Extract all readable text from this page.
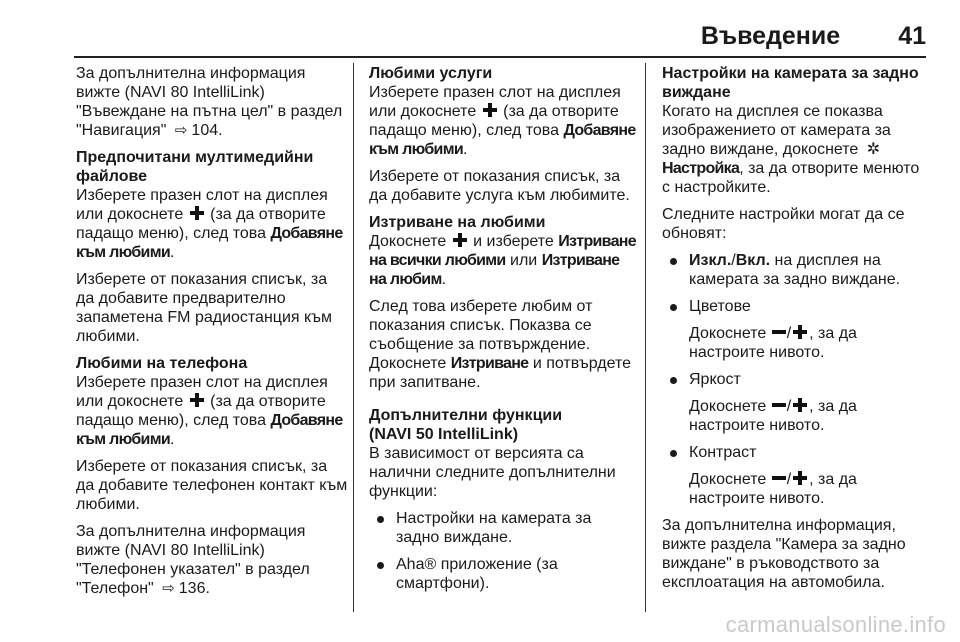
Въведение 41

За допълнителна информация вижте (NAVI 80 IntelliLink) "Въвеждане на пътна цел" в раздел "Навигация" ⇨ 104.

Предпочитани мултимедийни файлове

Изберете празен слот на дисплея или докоснете  (за да отворите падащо меню), след това Добавяне към любими.

Изберете от показания списък, за да добавите предварително запаметена FM радиостанция към любими.

Любими на телефона

Изберете празен слот на дисплея или докоснете  (за да отворите падащо меню), след това Добавяне към любими.

Изберете от показания списък, за да добавите телефонен контакт към любими.

За допълнителна информация вижте (NAVI 80 IntelliLink) "Телефонен указател" в раздел "Телефон" ⇨ 136.

Любими услуги

Изберете празен слот на дисплея или докоснете  (за да отворите падащо меню), след това Добавяне към любими.

Изберете от показания списък, за да добавите услуга към любимите.

Изтриване на любими

Докоснете  и изберете Изтриване на всички любими или Изтриване на любим.

След това изберете любим от показания списък. Показва се съобщение за потвърждение. Докоснете Изтриване и потвърдете при запитване.

Допълнителни функции
(NAVI 50 IntelliLink)

В зависимост от версията са налични следните допълнителни функции:

Настройки на камерата за задно виждане.
Aha® приложение (за смартфони).
Настройки на камерата за задно виждане

Когато на дисплея се показва изображението от камерата за задно виждане, докоснете ✲Настройка, за да отворите менюто с настройките.

Следните настройки могат да се обновят:

Изкл./Вкл. на дисплея на камерата за задно виждане.
Цветове
Докоснете / , за да настроите нивото.
Яркост
Докоснете / , за да настроите нивото.
Контраст
Докоснете / , за да настроите нивото.

За допълнителна информация, вижте раздела "Камера за задно виждане" в ръководството за експлоатация на автомобила.

carmanualsonline.info
